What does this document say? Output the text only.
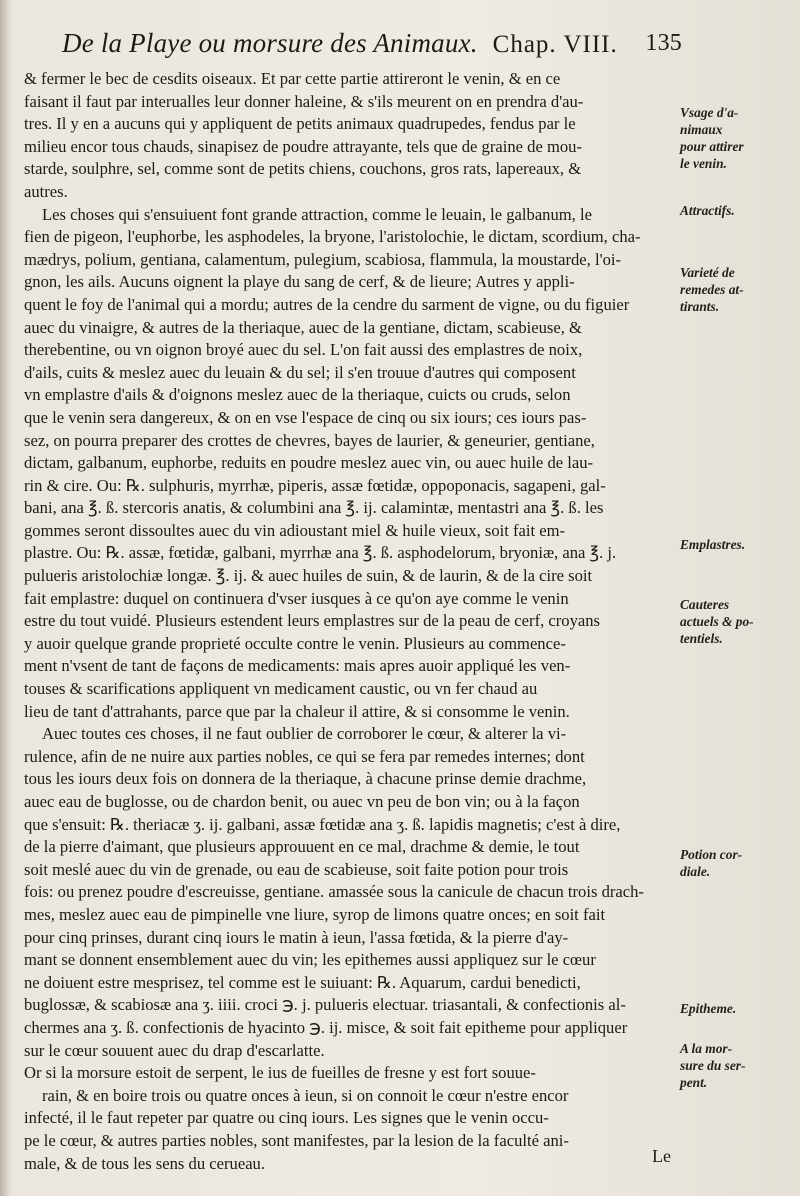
De la Playe ou morsure des Animaux. Chap. VIII. 135
& fermer le bec de cesdits oiseaux. Et par cette partie attireront le venin, & en ce
faisant il faut par interualles leur donner haleine, & s'ils meurent on en prendra d'au-
tres. Il y en a aucuns qui y appliquent de petits animaux quadrupedes, fendus par le
milieu encor tous chauds, sinapisez de poudre attrayante, tels que de graine de mou-
starde, soulphre, sel, comme sont de petits chiens, couchons, gros rats, lapereaux, &
autres.
Les choses qui s'ensuiuent font grande attraction, comme le leuain, le galbanum, le
fien de pigeon, l'euphorbe, les asphodeles, la bryone, l'aristolochie, le dictam, scordium, cha-
mædrys, polium, gentiana, calamentum, pulegium, scabiosa, flammula, la moustarde, l'oi-
gnon, les ails. Aucuns oignent la playe du sang de cerf, & de lieure; Autres y appli-
quent le foy de l'animal qui a mordu; autres de la cendre du sarment de vigne, ou du figuier
auec du vinaigre, & autres de la theriaque, auec de la gentiane, dictam, scabieuse, &
therebentine, ou vn oignon broyé auec du sel. L'on fait aussi des emplastres de noix,
d'ails, cuits & meslez auec du leuain & du sel; il s'en trouue d'autres qui composent
vn emplastre d'ails & d'oignons meslez auec de la theriaque, cuicts ou cruds, selon
que le venin sera dangereux, & on en vse l'espace de cinq ou six iours; ces iours pas-
sez, on pourra preparer des crottes de chevres, bayes de laurier, & geneurier, gentiane,
dictam, galbanum, euphorbe, reduits en poudre meslez auec vin, ou auec huile de lau-
rin & cire. Ou: ℞. sulphuris, myrrhæ, piperis, assæ fœtidæ, oppoponacis, sagapeni, gal-
bani, ana ℥. ß. stercoris anatis, & columbini ana ℥. ij. calamintæ, mentastri ana ℥. ß. les
gommes seront dissoultes auec du vin adioustant miel & huile vieux, soit fait em-
plastre. Ou: ℞. assæ, fœtidæ, galbani, myrrhæ ana ℥. ß. asphodelorum, bryoniæ, ana ℥. j.
pulueris aristolochiæ longæ. ℥. ij. & auec huiles de suin, & de laurin, & de la cire soit
fait emplastre: duquel on continuera d'vser iusques à ce qu'on aye comme le venin
estre du tout vuidé. Plusieurs estendent leurs emplastres sur de la peau de cerf, croyans
y auoir quelque grande proprieté occulte contre le venin. Plusieurs au commence-
ment n'vsent de tant de façons de medicaments: mais apres auoir appliqué les ven-
touses & scarifications appliquent vn medicament caustic, ou vn fer chaud au
lieu de tant d'attrahants, parce que par la chaleur il attire, & si consomme le venin.
Auec toutes ces choses, il ne faut oublier de corroborer le cœur, & alterer la vi-
rulence, afin de ne nuire aux parties nobles, ce qui se fera par remedes internes; dont
tous les iours deux fois on donnera de la theriaque, à chacune prinse demie drachme,
auec eau de buglosse, ou de chardon benit, ou auec vn peu de bon vin; ou à la façon
que s'ensuit: ℞. theriacæ ʒ. ij. galbani, assæ fœtidæ ana ʒ. ß. lapidis magnetis; c'est à dire,
de la pierre d'aimant, que plusieurs approuuent en ce mal, drachme & demie, le tout
soit meslé auec du vin de grenade, ou eau de scabieuse, soit faite potion pour trois
fois: ou prenez poudre d'escreuisse, gentiane. amassée sous la canicule de chacun trois drach-
mes, meslez auec eau de pimpinelle vne liure, syrop de limons quatre onces; en soit fait
pour cinq prinses, durant cinq iours le matin à ieun, l'assa fœtida, & la pierre d'ay-
mant se donnent ensemblement auec du vin; les epithemes aussi appliquez sur le cœur
ne doiuent estre mesprisez, tel comme est le suiuant: ℞. Aquarum, cardui benedicti,
buglossæ, & scabiosæ ana ʒ. iiii. croci ℈. j. pulueris electuar. triasantali, & confectionis al-
chermes ana ʒ. ß. confectionis de hyacinto ℈. ij. misce, & soit fait epitheme pour appliquer
sur le cœur souuent auec du drap d'escarlatte.
Or si la morsure estoit de serpent, le ius de fueilles de fresne y est fort souue-
rain, & en boire trois ou quatre onces à ieun, si on connoit le cœur n'estre encor
infecté, il le faut repeter par quatre ou cinq iours. Les signes que le venin occu-
pe le cœur, & autres parties nobles, sont manifestes, par la lesion de la faculté ani-
male, & de tous les sens du cerueau.
Vsage d'a-
nimaux
pour attirer
le venin.
Attractifs.
Varieté de
remedes at-
tirants.
Emplastres.
Cauteres
actuels & po-
tentiels.
Potion cor-
diale.
Epitheme.
A la mor-
sure du ser-
pent.
Le
